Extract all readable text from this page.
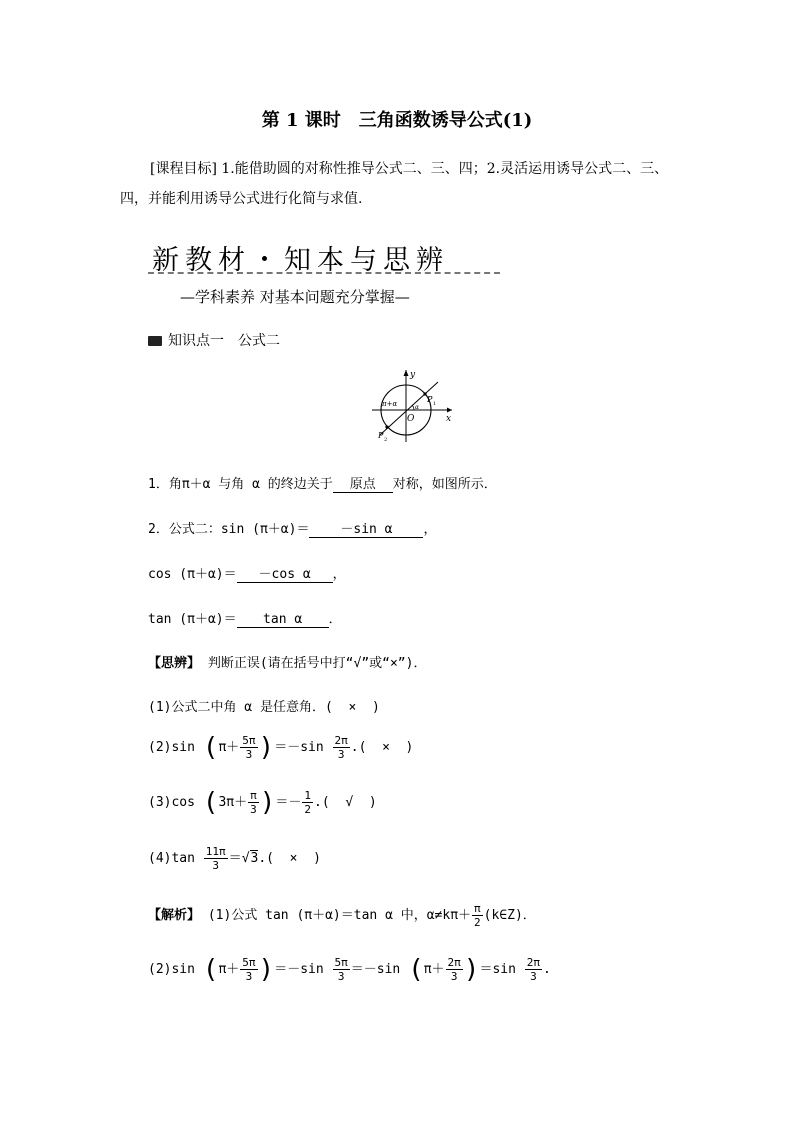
第 1 课时　三角函数诱导公式(1)
[课程目标] 1.能借助圆的对称性推导公式二、三、四；2.灵活运用诱导公式二、三、
四，并能利用诱导公式进行化简与求值.
新教材・知本与思辨
—学科素养 对基本问题充分掌握—
知识点一　公式二
y
x
O
P 1
P 2
π+α	α
1．角π＋α 与角 α 的终边关于 原点 对称，如图所示．
2．公式二：sin (π＋α)＝ －sin α ，
cos (π＋α)＝ －cos α ，
tan (π＋α)＝ tan α ．
【思辨】 判断正误(请在括号中打“√”或“×”)．
(1)公式二中角 α 是任意角．( × )
(2)sin $(\pi+ \frac{5\pi}{3} )=-\sin \frac{2\pi}{3}$ .( × )
(3)cos ($3\pi+ \frac{\pi}{3}$ )＝－ $\frac{1}{2}$ .( √ )
$(4)\tan \frac{11\pi}{3} =√3$.( × )
【解析】 (1)公式 tan (π＋α)＝tan α 中，$\alpha\ne k\pi+ \frac{\pi}{2}$ (k∈Z)．
(2)sin $(\pi+ \frac{5\pi}{3} )=-\sin \frac{5\pi}{3} =-\sin$ $(\pi+ \frac{2\pi}{3} )=\sin \frac{2\pi}{3}$ .
